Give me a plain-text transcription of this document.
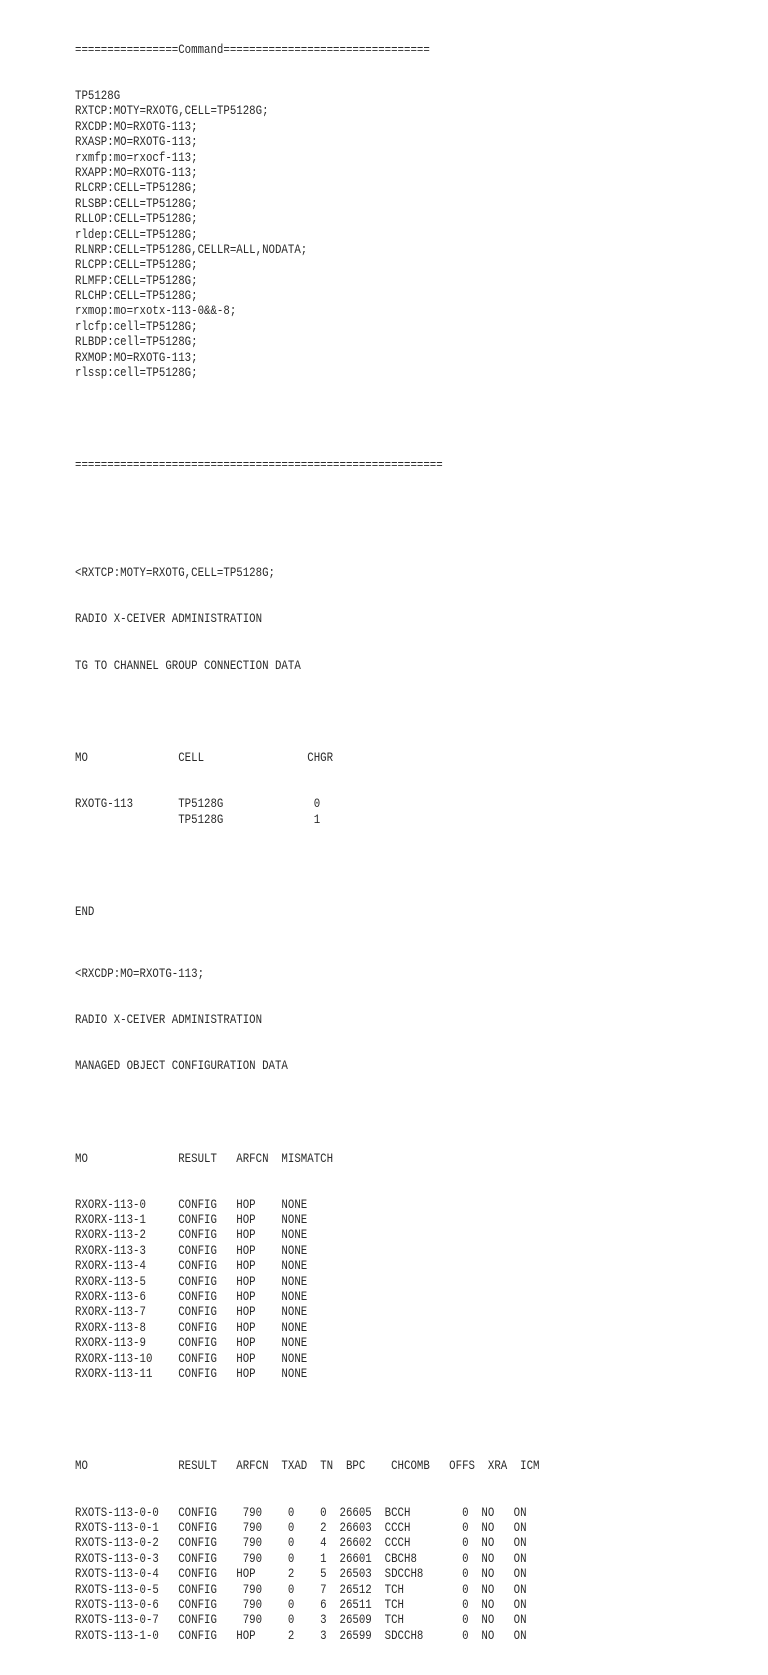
================Command================================

TP5128G
RXTCP:MOTY=RXOTG,CELL=TP5128G;
RXCDP:MO=RXOTG-113;
RXASP:MO=RXOTG-113;
rxmfp:mo=rxocf-113;
RXAPP:MO=RXOTG-113;
RLCRP:CELL=TP5128G;
RLSBP:CELL=TP5128G;
RLLOP:CELL=TP5128G;
rldep:CELL=TP5128G;
RLNRP:CELL=TP5128G,CELLR=ALL,NODATA;
RLCPP:CELL=TP5128G;
RLMFP:CELL=TP5128G;
RLCHP:CELL=TP5128G;
rxmop:mo=rxotx-113-0&&-8;
rlcfp:cell=TP5128G;
RLBDP:cell=TP5128G;
RXMOP:MO=RXOTG-113;
rlssp:cell=TP5128G;

=========================================================

<RXTCP:MOTY=RXOTG,CELL=TP5128G;

RADIO X-CEIVER ADMINISTRATION

TG TO CHANNEL GROUP CONNECTION DATA

MO              CELL                CHGR

RXOTG-113       TP5128G              0
TP5128G              1

END

<RXCDP:MO=RXOTG-113;

RADIO X-CEIVER ADMINISTRATION

MANAGED OBJECT CONFIGURATION DATA

MO              RESULT   ARFCN  MISMATCH

RXORX-113-0     CONFIG   HOP    NONE
RXORX-113-1     CONFIG   HOP    NONE
RXORX-113-2     CONFIG   HOP    NONE
RXORX-113-3     CONFIG   HOP    NONE
RXORX-113-4     CONFIG   HOP    NONE
RXORX-113-5     CONFIG   HOP    NONE
RXORX-113-6     CONFIG   HOP    NONE
RXORX-113-7     CONFIG   HOP    NONE
RXORX-113-8     CONFIG   HOP    NONE
RXORX-113-9     CONFIG   HOP    NONE
RXORX-113-10    CONFIG   HOP    NONE
RXORX-113-11    CONFIG   HOP    NONE

MO              RESULT   ARFCN  TXAD  TN  BPC    CHCOMB   OFFS  XRA  ICM

RXOTS-113-0-0   CONFIG    790    0    0  26605  BCCH        0  NO   ON
RXOTS-113-0-1   CONFIG    790    0    2  26603  CCCH        0  NO   ON
RXOTS-113-0-2   CONFIG    790    0    4  26602  CCCH        0  NO   ON
RXOTS-113-0-3   CONFIG    790    0    1  26601  CBCH8       0  NO   ON
RXOTS-113-0-4   CONFIG   HOP     2    5  26503  SDCCH8      0  NO   ON
RXOTS-113-0-5   CONFIG    790    0    7  26512  TCH         0  NO   ON
RXOTS-113-0-6   CONFIG    790    0    6  26511  TCH         0  NO   ON
RXOTS-113-0-7   CONFIG    790    0    3  26509  TCH         0  NO   ON
RXOTS-113-1-0   CONFIG   HOP     2    3  26599  SDCCH8      0  NO   ON
